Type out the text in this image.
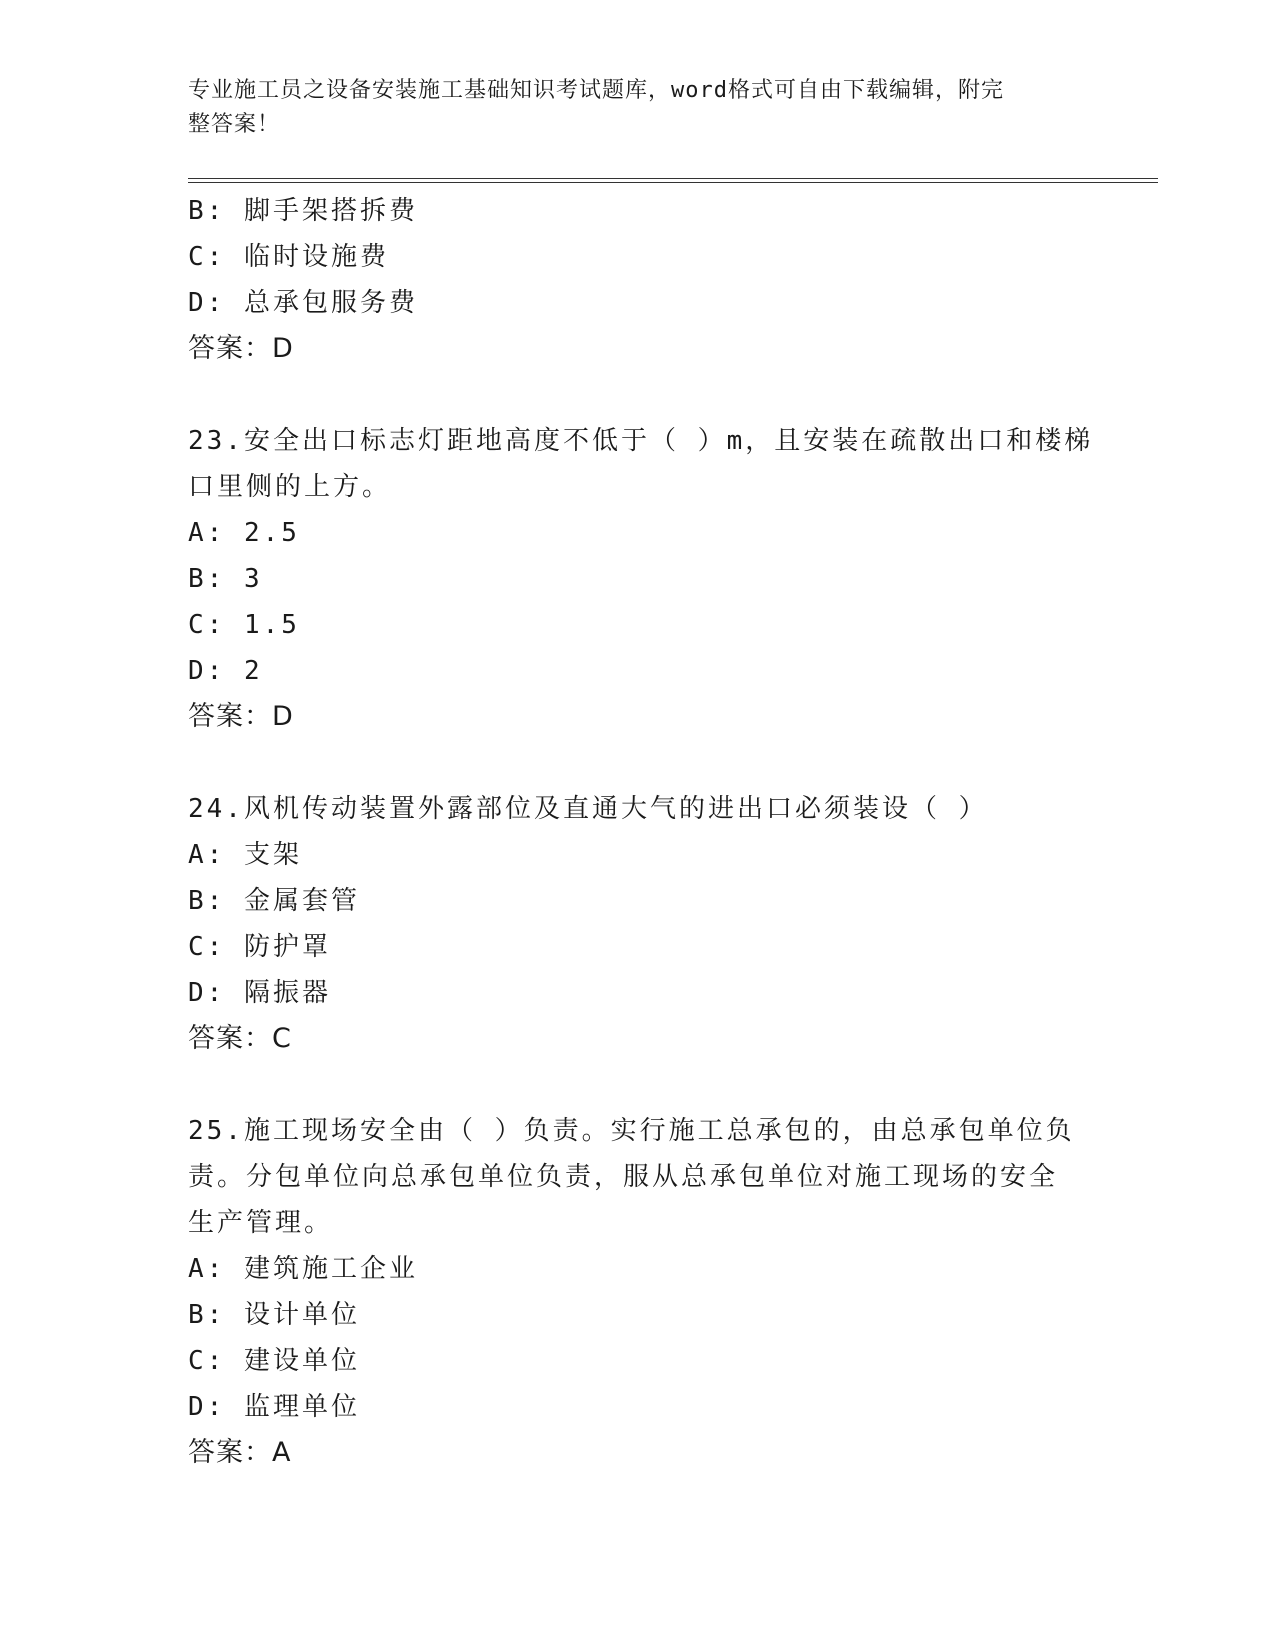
专业施工员之设备安装施工基础知识考试题库，word格式可自由下载编辑，附完
整答案！
B: 脚手架搭拆费
C: 临时设施费
D: 总承包服务费
答案：D
23.安全出口标志灯距地高度不低于（ ）m，且安装在疏散出口和楼梯
口里侧的上方。
A: 2.5
B: 3
C: 1.5
D: 2
答案：D
24.风机传动装置外露部位及直通大气的进出口必须装设（ ）
A: 支架
B: 金属套管
C: 防护罩
D: 隔振器
答案：C
25.施工现场安全由（ ）负责。实行施工总承包的，由总承包单位负
责。分包单位向总承包单位负责，服从总承包单位对施工现场的安全
生产管理。
A: 建筑施工企业
B: 设计单位
C: 建设单位
D: 监理单位
答案：A
